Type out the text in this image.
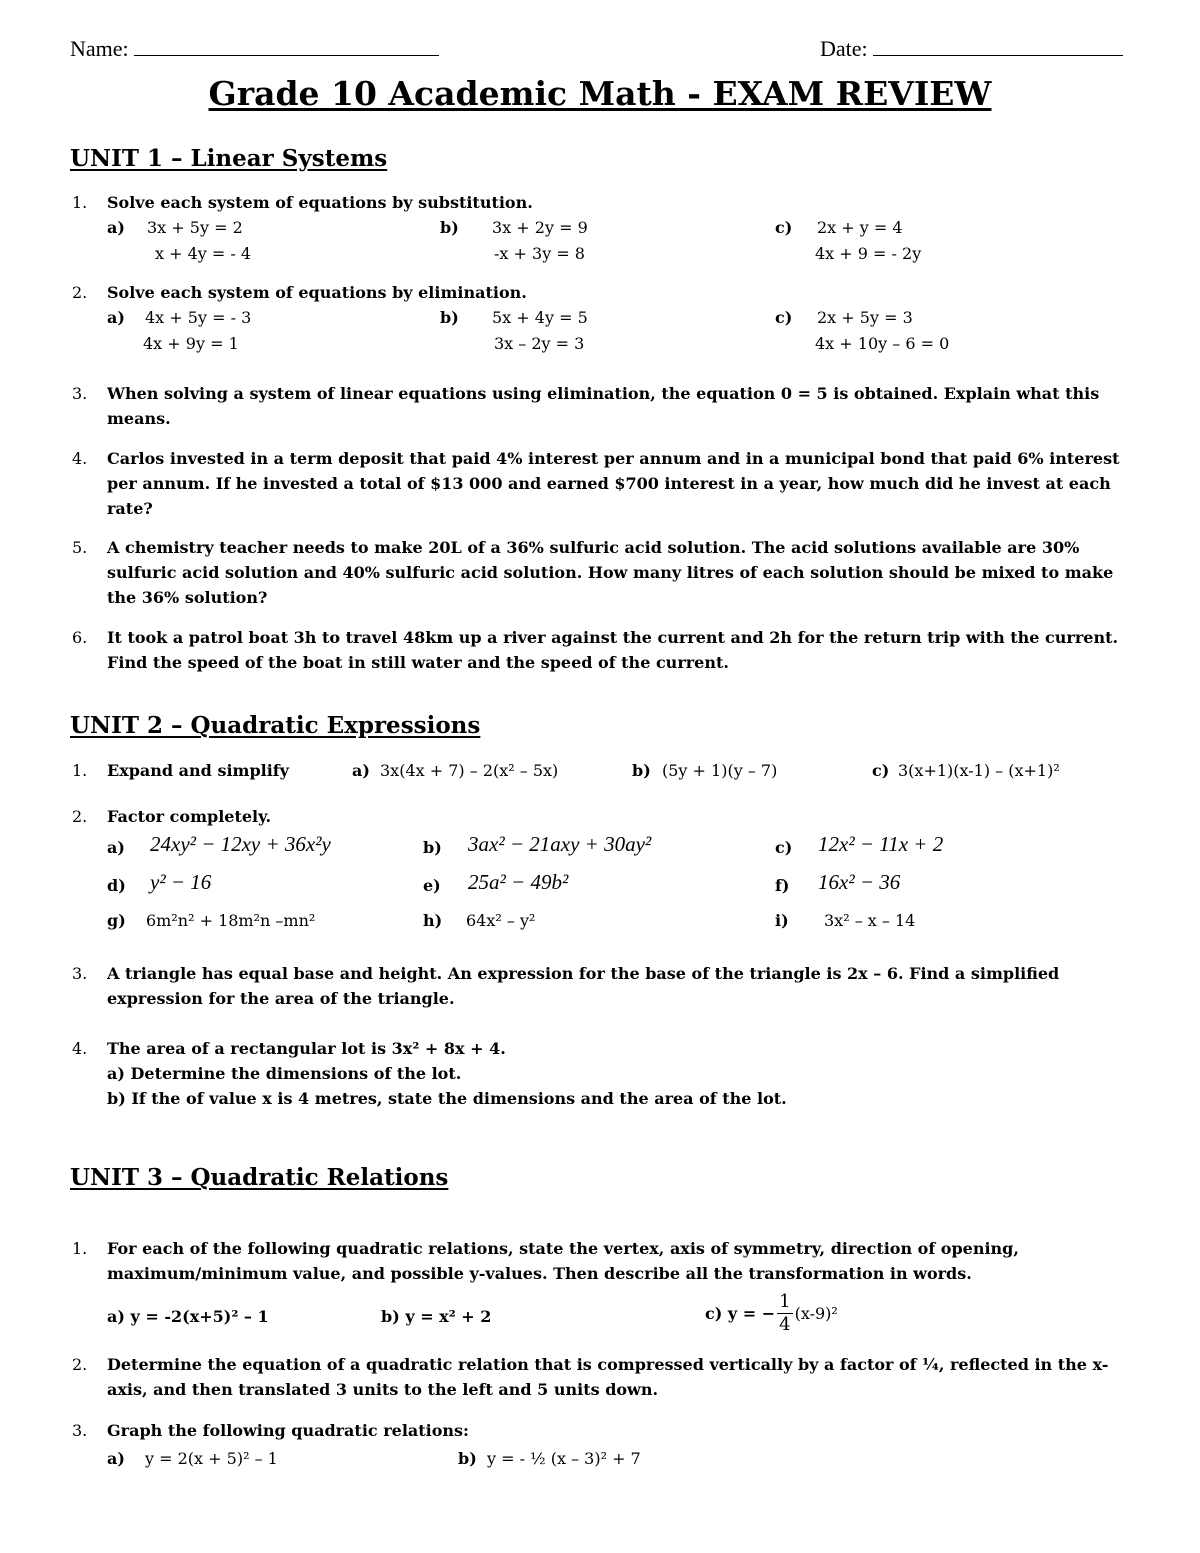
Name:	Date:
Grade 10 Academic Math - EXAM REVIEW
UNIT 1 – Linear Systems
1. Solve each system of equations by substitution.
a) 3x + 5y = 2
x + 4y = - 4
b) 3x + 2y = 9
-x + 3y = 8
c) 2x + y = 4
4x + 9 = - 2y
2. Solve each system of equations by elimination.
a) 4x + 5y = - 3
4x + 9y = 1
b) 5x + 4y = 5
3x – 2y = 3
c) 2x + 5y = 3
4x + 10y – 6 = 0
3. When solving a system of linear equations using elimination, the equation 0 = 5 is obtained. Explain what this means.
4. Carlos invested in a term deposit that paid 4% interest per annum and in a municipal bond that paid 6% interest per annum. If he invested a total of $13 000 and earned $700 interest in a year, how much did he invest at each rate?
5. A chemistry teacher needs to make 20L of a 36% sulfuric acid solution. The acid solutions available are 30% sulfuric acid solution and 40% sulfuric acid solution. How many litres of each solution should be mixed to make the 36% solution?
6. It took a patrol boat 3h to travel 48km up a river against the current and 2h for the return trip with the current. Find the speed of the boat in still water and the speed of the current.
UNIT 2 – Quadratic Expressions
1. Expand and simplify	a) 3x(4x + 7) – 2(x² – 5x)	b) (5y + 1)(y – 7)	c) 3(x+1)(x-1) – (x+1)²
2. Factor completely.
a) 24xy² − 12xy + 36x²y	b) 3ax² − 21axy + 30ay²	c) 12x² − 11x + 2
d) y² − 16	e) 25a² − 49b²	f) 16x² − 36
g) 6m²n² + 18m²n –mn²	h) 64x² – y²	i) 3x² – x – 14
3. A triangle has equal base and height. An expression for the base of the triangle is 2x – 6. Find a simplified expression for the area of the triangle.
4. The area of a rectangular lot is 3x² + 8x + 4.
a) Determine the dimensions of the lot.
b) If the of value x is 4 metres, state the dimensions and the area of the lot.
UNIT 3 – Quadratic Relations
1. For each of the following quadratic relations, state the vertex, axis of symmetry, direction of opening, maximum/minimum value, and possible y-values. Then describe all the transformation in words.
a) y = -2(x+5)² – 1	b) y = x² + 2	c) y = − $\frac{1}{4} (x-9)^2$
2. Determine the equation of a quadratic relation that is compressed vertically by a factor of ¼, reflected in the x-axis, and then translated 3 units to the left and 5 units down.
3. Graph the following quadratic relations:
a) y = 2(x + 5)² – 1	b) y = - ½ (x – 3)² + 7
